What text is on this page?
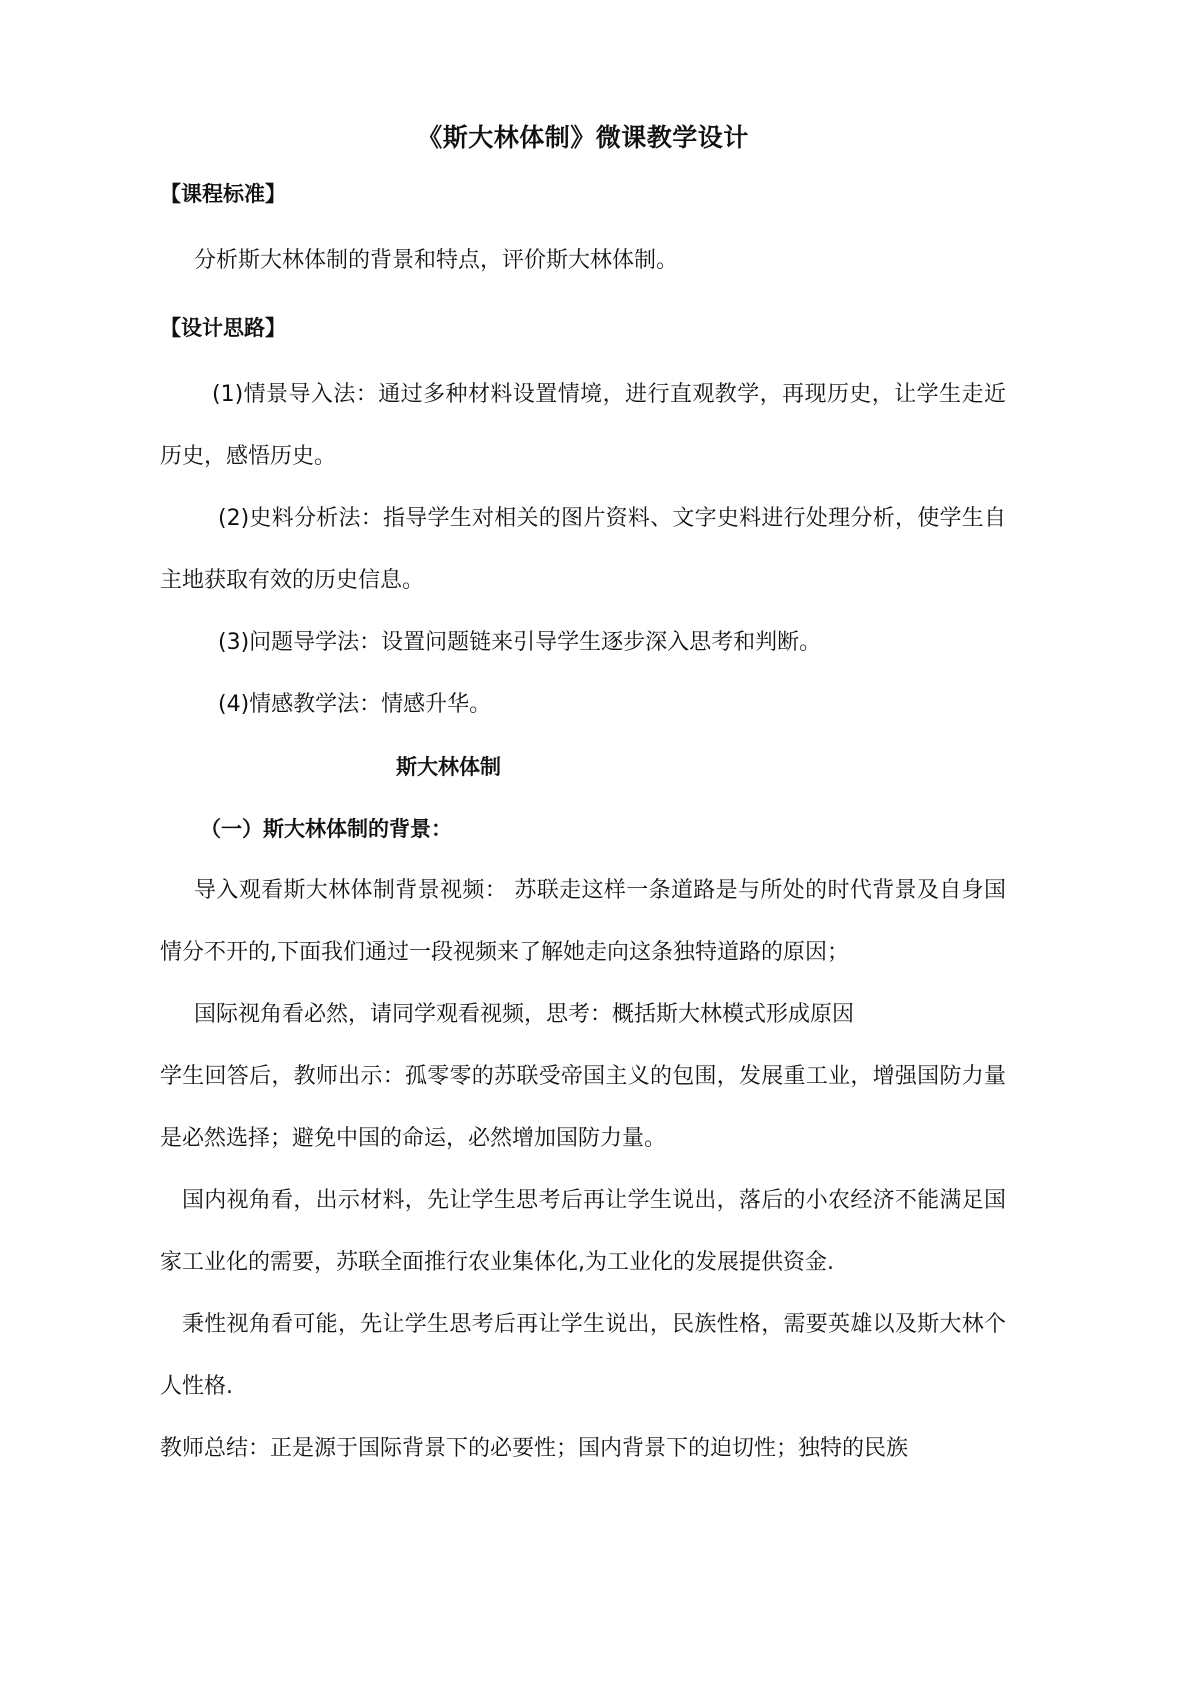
《斯大林体制》微课教学设计
【课程标准】

分析斯大林体制的背景和特点，评价斯大林体制。

【设计思路】

(1)情景导入法：通过多种材料设置情境，进行直观教学，再现历史，让学生走近历史，感悟历史。

(2)史料分析法：指导学生对相关的图片资料、文字史料进行处理分析，使学生自主地获取有效的历史信息。

(3)问题导学法：设置问题链来引导学生逐步深入思考和判断。

(4)情感教学法：情感升华。

斯大林体制
（一）斯大林体制的背景：

导入观看斯大林体制背景视频： 苏联走这样一条道路是与所处的时代背景及自身国情分不开的,下面我们通过一段视频来了解她走向这条独特道路的原因；

国际视角看必然，请同学观看视频，思考：概括斯大林模式形成原因

学生回答后，教师出示：孤零零的苏联受帝国主义的包围，发展重工业，增强国防力量是必然选择；避免中国的命运，必然增加国防力量。

国内视角看，出示材料，先让学生思考后再让学生说出，落后的小农经济不能满足国家工业化的需要，苏联全面推行农业集体化,为工业化的发展提供资金.

秉性视角看可能，先让学生思考后再让学生说出，民族性格，需要英雄以及斯大林个人性格.

教师总结：正是源于国际背景下的必要性；国内背景下的迫切性；独特的民族
